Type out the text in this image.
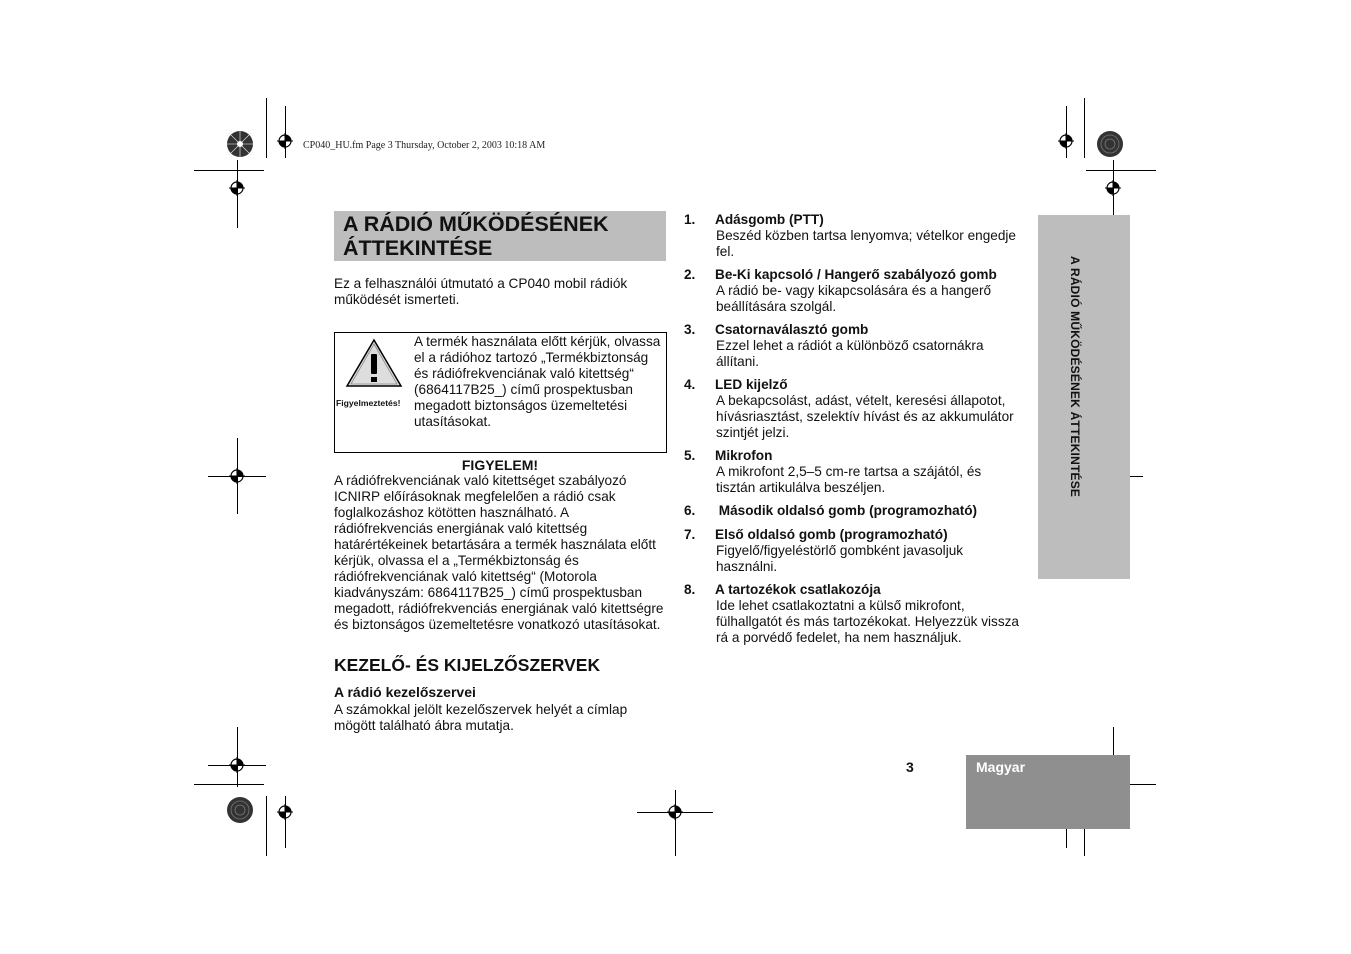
CP040_HU.fm Page 3 Thursday, October 2, 2003 10:18 AM
A RÁDIÓ MŰKÖDÉSÉNEK
ÁTTEKINTÉSE
Ez a felhasználói útmutató a CP040 mobil rádiók működését ismerteti.
Figyelmeztetés!
A termék használata előtt kérjük, olvassa el a rádióhoz tartozó „Termékbiztonság és rádiófrekvenciának való kitettség“ (6864117B25_) című prospektusban megadott biztonságos üzemeltetési utasításokat.
FIGYELEM!
A rádiófrekvenciának való kitettséget szabályozó ICNIRP előírásoknak megfelelően a rádió csak foglalkozáshoz kötötten használható. A rádiófrekvenciás energiának való kitettség határértékeinek betartására a termék használata előtt kérjük, olvassa el a „Termékbiztonság és rádiófrekvenciának való kitettség“ (Motorola kiadványszám: 6864117B25_) című prospektusban megadott, rádiófrekvenciás energiának való kitettségre és biztonságos üzemeltetésre vonatkozó utasításokat.
KEZELŐ- ÉS KIJELZŐSZERVEK
A rádió kezelőszervei
A számokkal jelölt kezelőszervek helyét a címlap mögött található ábra mutatja.
1. Adásgomb (PTT)
Beszéd közben tartsa lenyomva; vételkor engedje fel.
2. Be-Ki kapcsoló / Hangerő szabályozó gomb
A rádió be- vagy kikapcsolására és a hangerő beállítására szolgál.
3. Csatornaválasztó gomb
Ezzel lehet a rádiót a különböző csatornákra állítani.
4. LED kijelző
A bekapcsolást, adást, vételt, keresési állapotot, hívásriasztást, szelektív hívást és az akkumulátor szintjét jelzi.
5. Mikrofon
A mikrofont 2,5–5 cm-re tartsa a szájától, és tisztán artikulálva beszéljen.
6. Második oldalsó gomb (programozható)
7. Első oldalsó gomb (programozható)
Figyelő/figyeléstörlő gombként javasoljuk használni.
8. A tartozékok csatlakozója
Ide lehet csatlakoztatni a külső mikrofont, fülhallgatót és más tartozékokat. Helyezzük vissza rá a porvédő fedelet, ha nem használjuk.
A RÁDIÓ MŰKÖDÉSÉNEK ÁTTEKINTÉSE
3	Magyar
